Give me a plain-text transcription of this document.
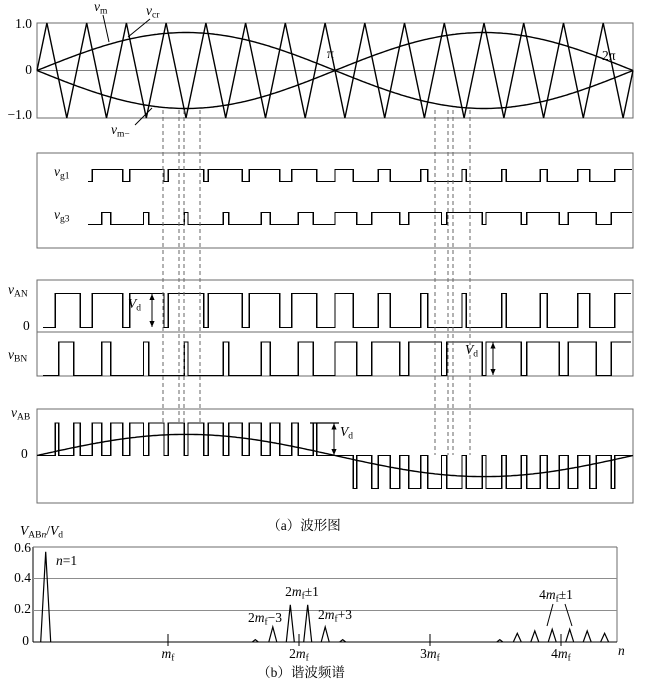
1.0
0
−1.0
$v_m$	$v_{cr}$
$v_{m-}$
π	2π
$v_{g1}$
$v_{g3}$
$v_{AN}$
0
$V_d$
$v_{BN}$
$V_d$
$v_{AB}$
0
$V_d$
（a）波形图
（b）谐波频谱
$V_{ABn}/V_d$
0.6
0.4
0.2
0
n=1
$2m_f-3$
$2m_f\pm 1$
$2m_f+3$
$4m_f\pm 1$
$m_f$	$2m_f$	$3m_f$	$4m_f$
n
